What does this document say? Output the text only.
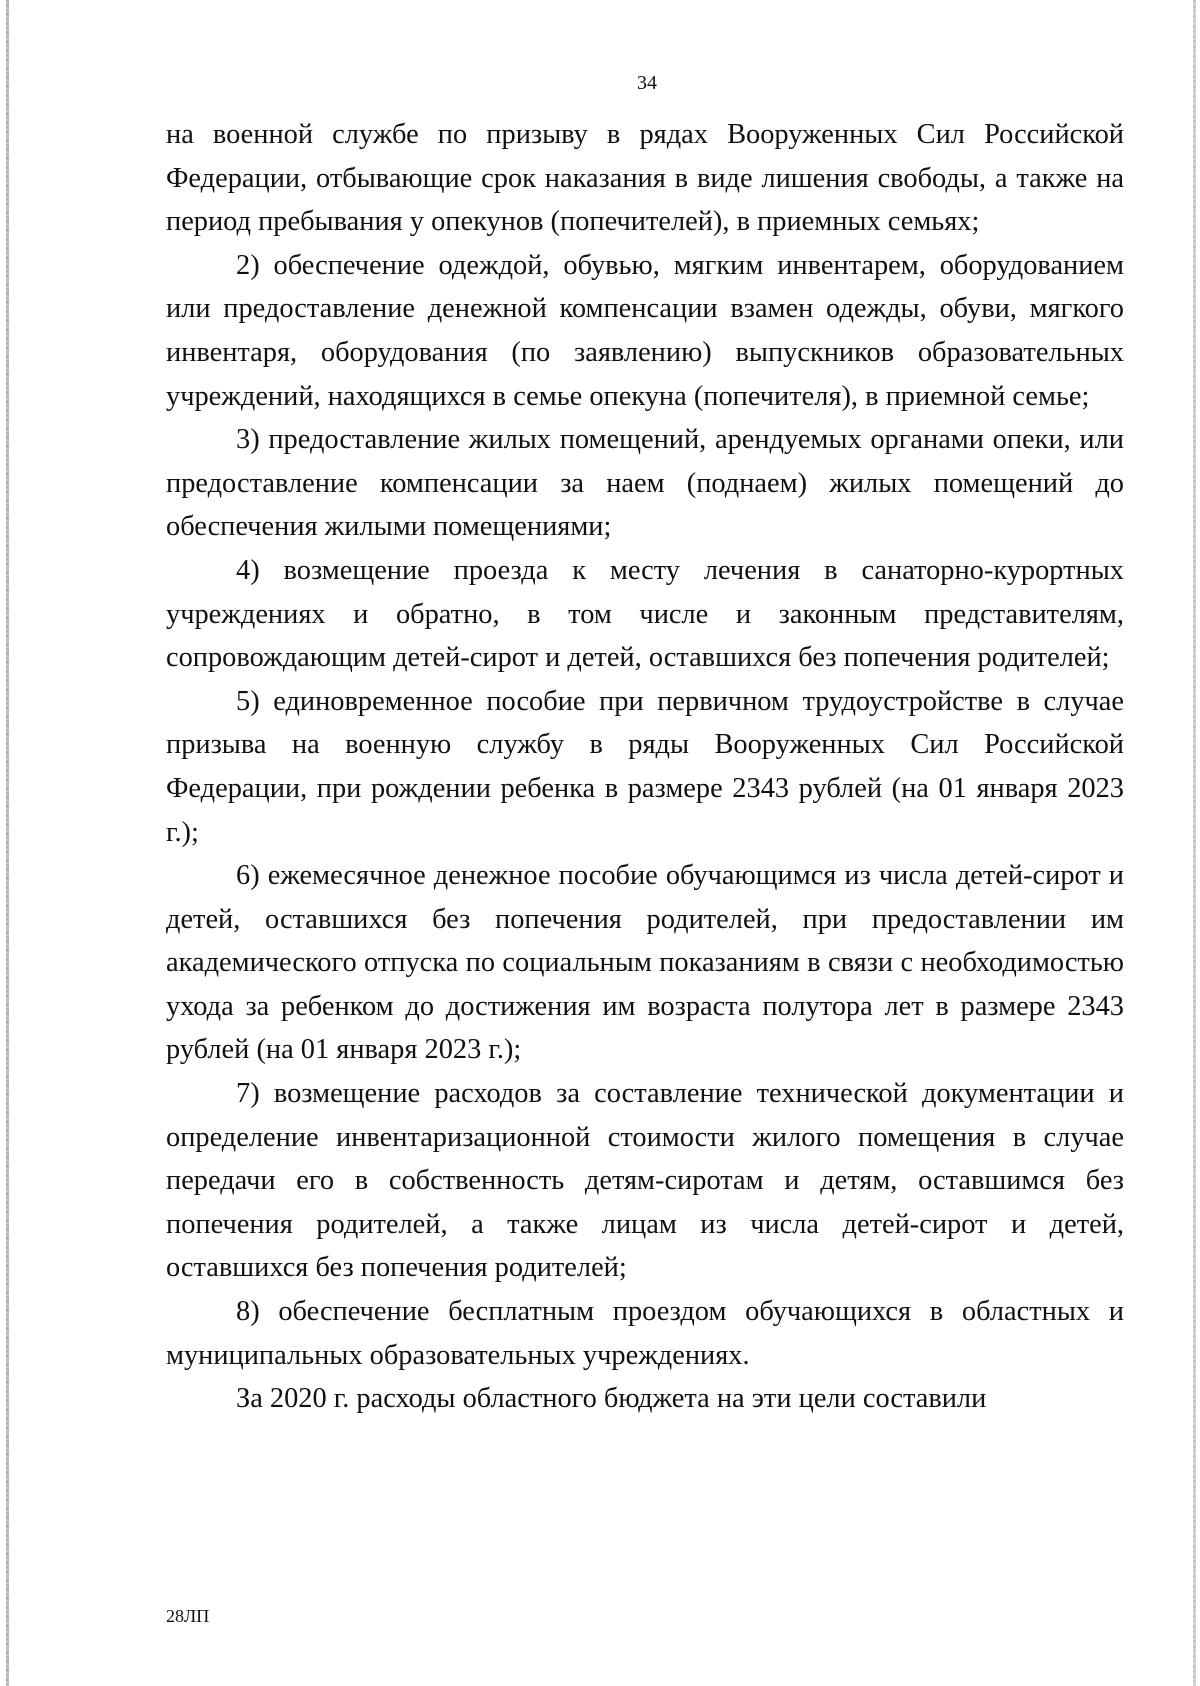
34

на военной службе по призыву в рядах Вооруженных Сил Российской Федерации, отбывающие срок наказания в виде лишения свободы, а также на период пребывания у опекунов (попечителей), в приемных семьях;

2) обеспечение одеждой, обувью, мягким инвентарем, оборудованием или предоставление денежной компенсации взамен одежды, обуви, мягкого инвентаря, оборудования (по заявлению) выпускников образовательных учреждений, находящихся в семье опекуна (попечителя), в приемной семье;

3) предоставление жилых помещений, арендуемых органами опеки, или предоставление компенсации за наем (поднаем) жилых помещений до обеспечения жилыми помещениями;

4) возмещение проезда к месту лечения в санаторно-курортных учреждениях и обратно, в том числе и законным представителям, сопровождающим детей-сирот и детей, оставшихся без попечения родителей;

5) единовременное пособие при первичном трудоустройстве в случае призыва на военную службу в ряды Вооруженных Сил Российской Федерации, при рождении ребенка в размере 2343 рублей (на 01 января 2023 г.);

6) ежемесячное денежное пособие обучающимся из числа детей-сирот и детей, оставшихся без попечения родителей, при предоставлении им академического отпуска по социальным показаниям в связи с необходимостью ухода за ребенком до достижения им возраста полутора лет в размере 2343 рублей (на 01 января 2023 г.);

7) возмещение расходов за составление технической документации и определение инвентаризационной стоимости жилого помещения в случае передачи его в собственность детям-сиротам и детям, оставшимся без попечения родителей, а также лицам из числа детей-сирот и детей, оставшихся без попечения родителей;

8) обеспечение бесплатным проездом обучающихся в областных и муниципальных образовательных учреждениях.

За 2020 г. расходы областного бюджета на эти цели составили

28ЛП
